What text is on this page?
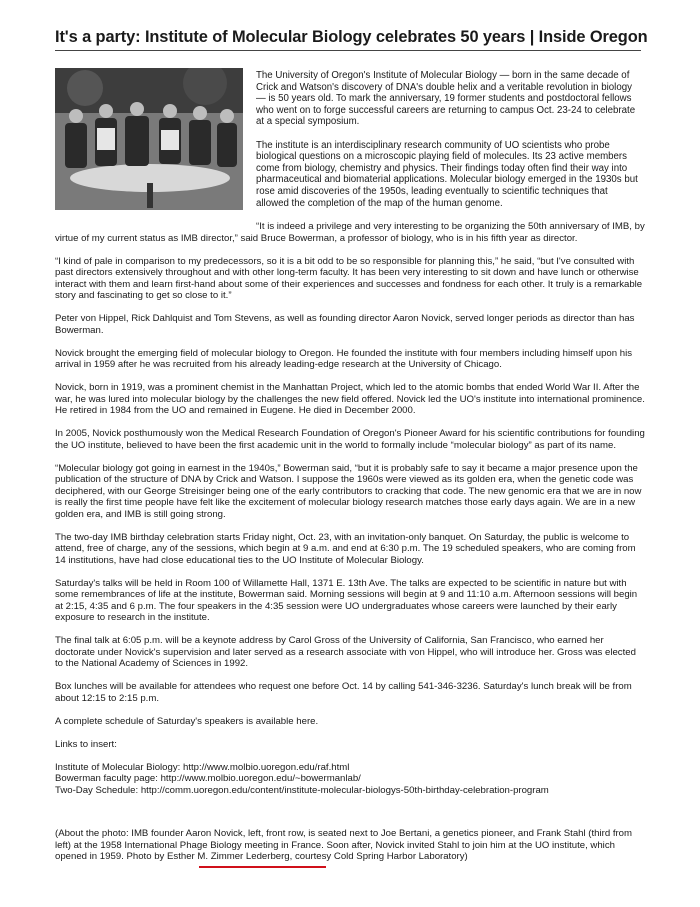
It's a party: Institute of Molecular Biology celebrates 50 years | Inside Oregon

The University of Oregon's Institute of Molecular Biology — born in the same decade of Crick and Watson's discovery of DNA's double helix and a veritable revolution in biology — is 50 years old. To mark the anniversary, 19 former students and postdoctoral fellows who went on to forge successful careers are returning to campus Oct. 23-24 to celebrate at a special symposium.

The institute is an interdisciplinary research community of UO scientists who probe biological questions on a microscopic playing field of molecules. Its 23 active members come from biology, chemistry and physics. Their findings today often find their way into pharmaceutical and biomaterial applications. Molecular biology emerged in the 1930s but rose amid discoveries of the 1950s, leading eventually to scientific techniques that allowed the completion of the map of the human genome.

“It is indeed a privilege and very interesting to be organizing the 50th anniversary of IMB, by virtue of my current status as IMB director,” said Bruce Bowerman, a professor of biology, who is in his fifth year as director.

“I kind of pale in comparison to my predecessors, so it is a bit odd to be so responsible for planning this,” he said, “but I've consulted with past directors extensively throughout and with other long-term faculty. It has been very interesting to sit down and have lunch or otherwise interact with them and learn first-hand about some of their experiences and successes and fondness for each other. It truly is a remarkable story and fascinating to get so close to it.”

Peter von Hippel, Rick Dahlquist and Tom Stevens, as well as founding director Aaron Novick, served longer periods as director than has Bowerman.

Novick brought the emerging field of molecular biology to Oregon. He founded the institute with four members including himself upon his arrival in 1959 after he was recruited from his already leading-edge research at the University of Chicago.

Novick, born in 1919, was a prominent chemist in the Manhattan Project, which led to the atomic bombs that ended World War II. After the war, he was lured into molecular biology by the challenges the new field offered. Novick led the UO's institute into international prominence. He retired in 1984 from the UO and remained in Eugene. He died in December 2000.

In 2005, Novick posthumously won the Medical Research Foundation of Oregon's Pioneer Award for his scientific contributions for founding the UO institute, believed to have been the first academic unit in the world to formally include “molecular biology” as part of its name.

“Molecular biology got going in earnest in the 1940s,” Bowerman said, “but it is probably safe to say it became a major presence upon the publication of the structure of DNA by Crick and Watson. I suppose the 1960s were viewed as its golden era, when the genetic code was deciphered, with our George Streisinger being one of the early contributors to cracking that code. The new genomic era that we are in now is really the first time people have felt like the excitement of molecular biology research matches those early days again. We are in a new golden era, and IMB is still going strong.

The two-day IMB birthday celebration starts Friday night, Oct. 23, with an invitation-only banquet. On Saturday, the public is welcome to attend, free of charge, any of the sessions, which begin at 9 a.m. and end at 6:30 p.m. The 19 scheduled speakers, who are coming from 14 institutions, have had close educational ties to the UO Institute of Molecular Biology.

Saturday's talks will be held in Room 100 of Willamette Hall, 1371 E. 13th Ave. The talks are expected to be scientific in nature but with some remembrances of life at the institute, Bowerman said. Morning sessions will begin at 9 and 11:10 a.m. Afternoon sessions will begin at 2:15, 4:35 and 6 p.m. The four speakers in the 4:35 session were UO undergraduates whose careers were launched by their early exposure to research in the institute.

The final talk at 6:05 p.m. will be a keynote address by Carol Gross of the University of California, San Francisco, who earned her doctorate under Novick's supervision and later served as a research associate with von Hippel, who will introduce her. Gross was elected to the National Academy of Sciences in 1992.

Box lunches will be available for attendees who request one before Oct. 14 by calling 541-346-3236. Saturday's lunch break will be from about 12:15 to 2:15 p.m.

A complete schedule of Saturday's speakers is available here.

Links to insert:

Institute of Molecular Biology: http://www.molbio.uoregon.edu/raf.html
Bowerman faculty page: http://www.molbio.uoregon.edu/~bowermanlab/
Two-Day Schedule: http://comm.uoregon.edu/content/institute-molecular-biologys-50th-birthday-celebration-program
(About the photo: IMB founder Aaron Novick, left, front row, is seated next to Joe Bertani, a genetics pioneer, and Frank Stahl (third from left) at the 1958 International Phage Biology meeting in France. Soon after, Novick invited Stahl to join him at the UO institute, which opened in 1959. Photo by Esther M. Zimmer Lederberg, courtesy Cold Spring Harbor Laboratory)
